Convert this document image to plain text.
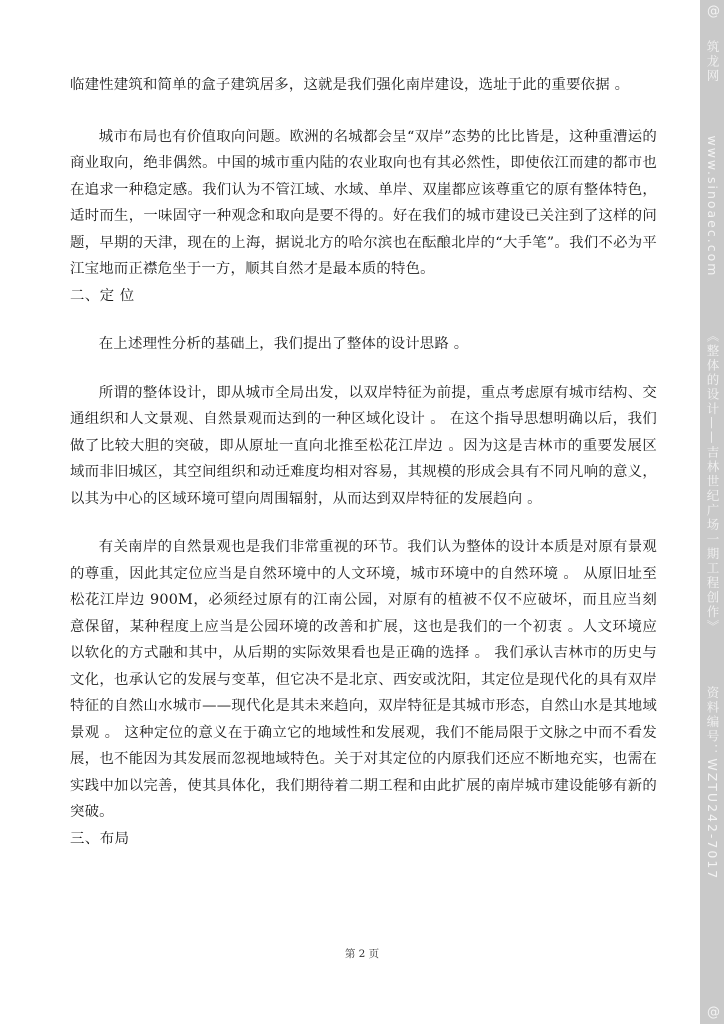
临建性建筑和简单的盒子建筑居多，这就是我们强化南岸建设，选址于此的重要依据 。

城市布局也有价值取向问题。欧洲的名城都会呈“双岸”态势的比比皆是，这种重漕运的商业取向，绝非偶然。中国的城市重内陆的农业取向也有其必然性，即使依江而建的都市也在追求一种稳定感。我们认为不管江域、水域、单岸、双崖都应该尊重它的原有整体特色，适时而生，一味固守一种观念和取向是要不得的。好在我们的城市建设已关注到了这样的问题，早期的天津，现在的上海，据说北方的哈尔滨也在酝酿北岸的“大手笔”。我们不必为平江宝地而正襟危坐于一方，顺其自然才是最本质的特色。

二、定 位

在上述理性分析的基础上，我们提出了整体的设计思路 。

所谓的整体设计，即从城市全局出发，以双岸特征为前提，重点考虑原有城市结构、交通组织和人文景观、自然景观而达到的一种区域化设计 。 在这个指导思想明确以后，我们做了比较大胆的突破，即从原址一直向北推至松花江岸边 。因为这是吉林市的重要发展区域而非旧城区，其空间组织和动迁难度均相对容易，其规模的形成会具有不同凡响的意义，以其为中心的区域环境可望向周围辐射，从而达到双岸特征的发展趋向 。

有关南岸的自然景观也是我们非常重视的环节。我们认为整体的设计本质是对原有景观的尊重，因此其定位应当是自然环境中的人文环境，城市环境中的自然环境 。 从原旧址至松花江岸边 900M，必须经过原有的江南公园，对原有的植被不仅不应破坏，而且应当刻意保留，某种程度上应当是公园环境的改善和扩展，这也是我们的一个初衷 。人文环境应以软化的方式融和其中，从后期的实际效果看也是正确的选择 。 我们承认吉林市的历史与文化，也承认它的发展与变革，但它决不是北京、西安或沈阳，其定位是现代化的具有双岸特征的自然山水城市——现代化是其未来趋向，双岸特征是其城市形态，自然山水是其地域景观 。 这种定位的意义在于确立它的地域性和发展观，我们不能局限于文脉之中而不看发展，也不能因为其发展而忽视地域特色。关于对其定位的内原我们还应不断地充实，也需在实践中加以完善，使其具体化，我们期待着二期工程和由此扩展的南岸城市建设能够有新的突破。

三、布局

第 2 页
@
筑龙网  www.sinoaec.com  《整体的设计——吉林世纪广场一期工程创作》  资料编号：WZTU242-7017
@
